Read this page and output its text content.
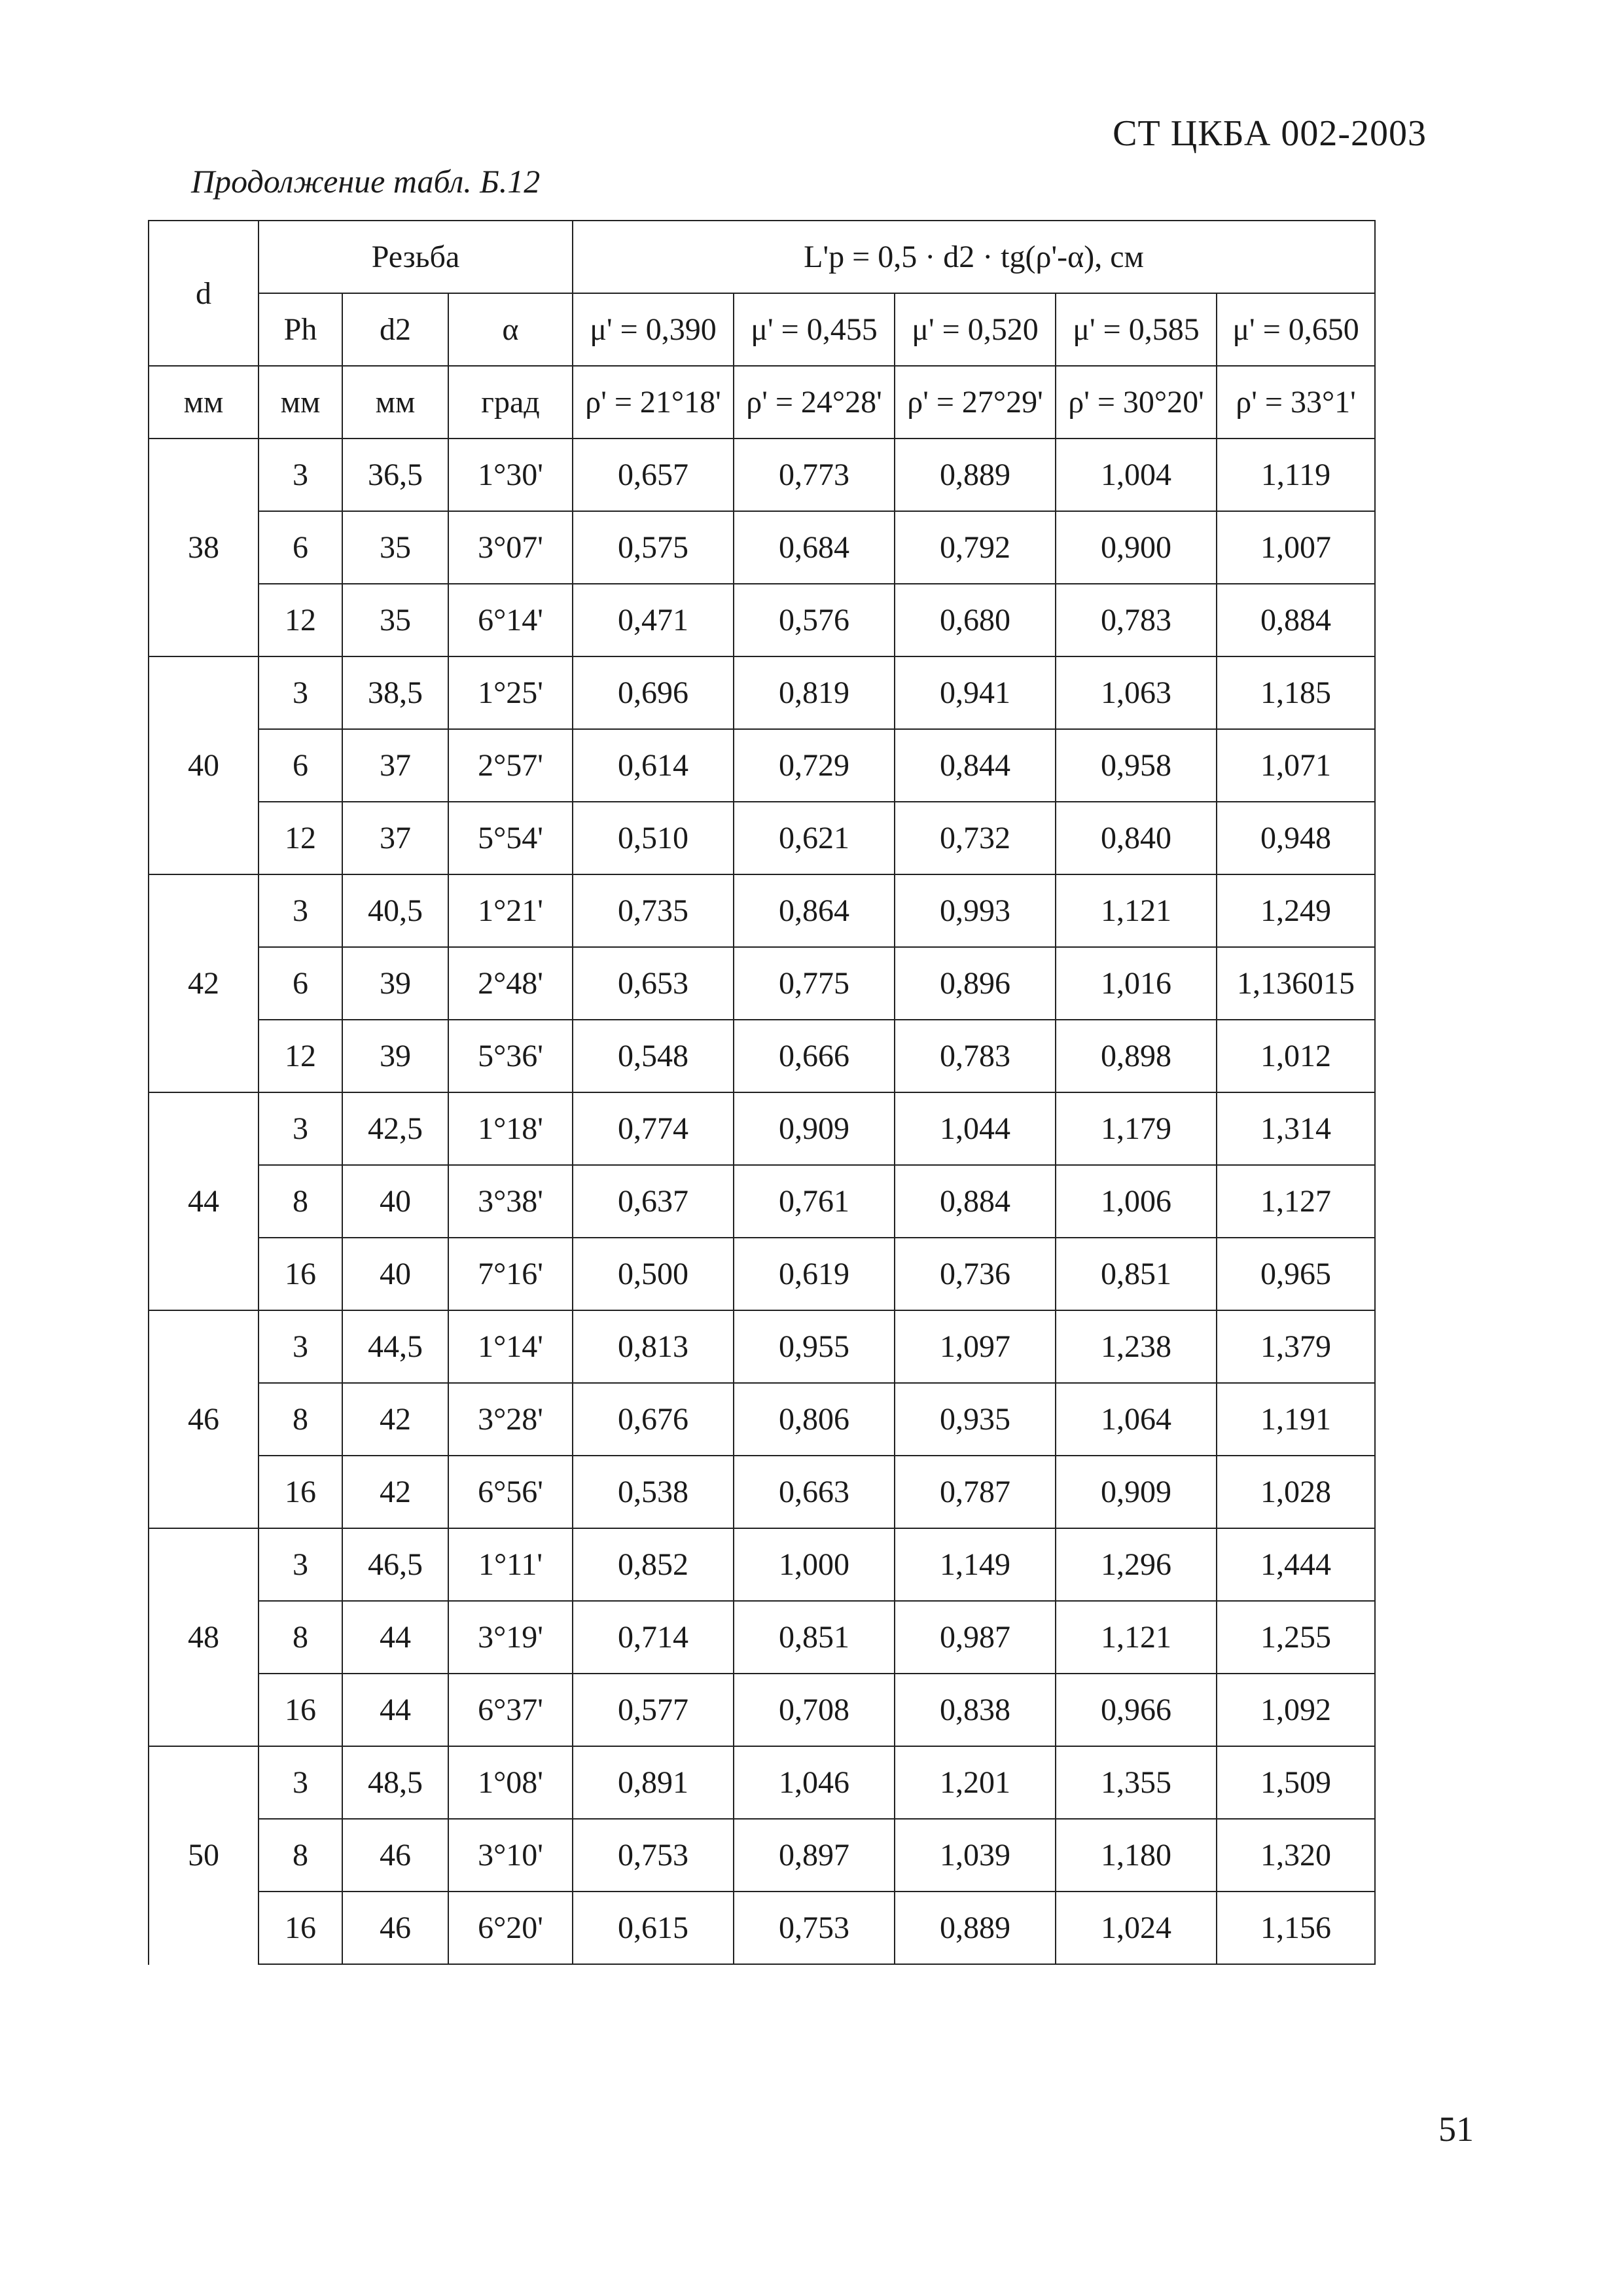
СТ ЦКБА 002-2003
Продолжение табл. Б.12
d	Резьба			L'p = 0,5 · d2 · tg(ρ'-α), см				
	Ph	d2	α	μ' = 0,390	μ' = 0,455	μ' = 0,520	μ' = 0,585	μ' = 0,650
мм	мм	мм	град	ρ' = 21°18'	ρ' = 24°28'	ρ' = 27°29'	ρ' = 30°20'	ρ' = 33°1'
38	3	36,5	1°30'	0,657	0,773	0,889	1,004	1,119
	6	35	3°07'	0,575	0,684	0,792	0,900	1,007
	12	35	6°14'	0,471	0,576	0,680	0,783	0,884
40	3	38,5	1°25'	0,696	0,819	0,941	1,063	1,185
	6	37	2°57'	0,614	0,729	0,844	0,958	1,071
	12	37	5°54'	0,510	0,621	0,732	0,840	0,948
42	3	40,5	1°21'	0,735	0,864	0,993	1,121	1,249
	6	39	2°48'	0,653	0,775	0,896	1,016	1,136015
	12	39	5°36'	0,548	0,666	0,783	0,898	1,012
44	3	42,5	1°18'	0,774	0,909	1,044	1,179	1,314
	8	40	3°38'	0,637	0,761	0,884	1,006	1,127
	16	40	7°16'	0,500	0,619	0,736	0,851	0,965
46	3	44,5	1°14'	0,813	0,955	1,097	1,238	1,379
	8	42	3°28'	0,676	0,806	0,935	1,064	1,191
	16	42	6°56'	0,538	0,663	0,787	0,909	1,028
48	3	46,5	1°11'	0,852	1,000	1,149	1,296	1,444
	8	44	3°19'	0,714	0,851	0,987	1,121	1,255
	16	44	6°37'	0,577	0,708	0,838	0,966	1,092
50	3	48,5	1°08'	0,891	1,046	1,201	1,355	1,509
	8	46	3°10'	0,753	0,897	1,039	1,180	1,320
	16	46	6°20'	0,615	0,753	0,889	1,024	1,156
51
